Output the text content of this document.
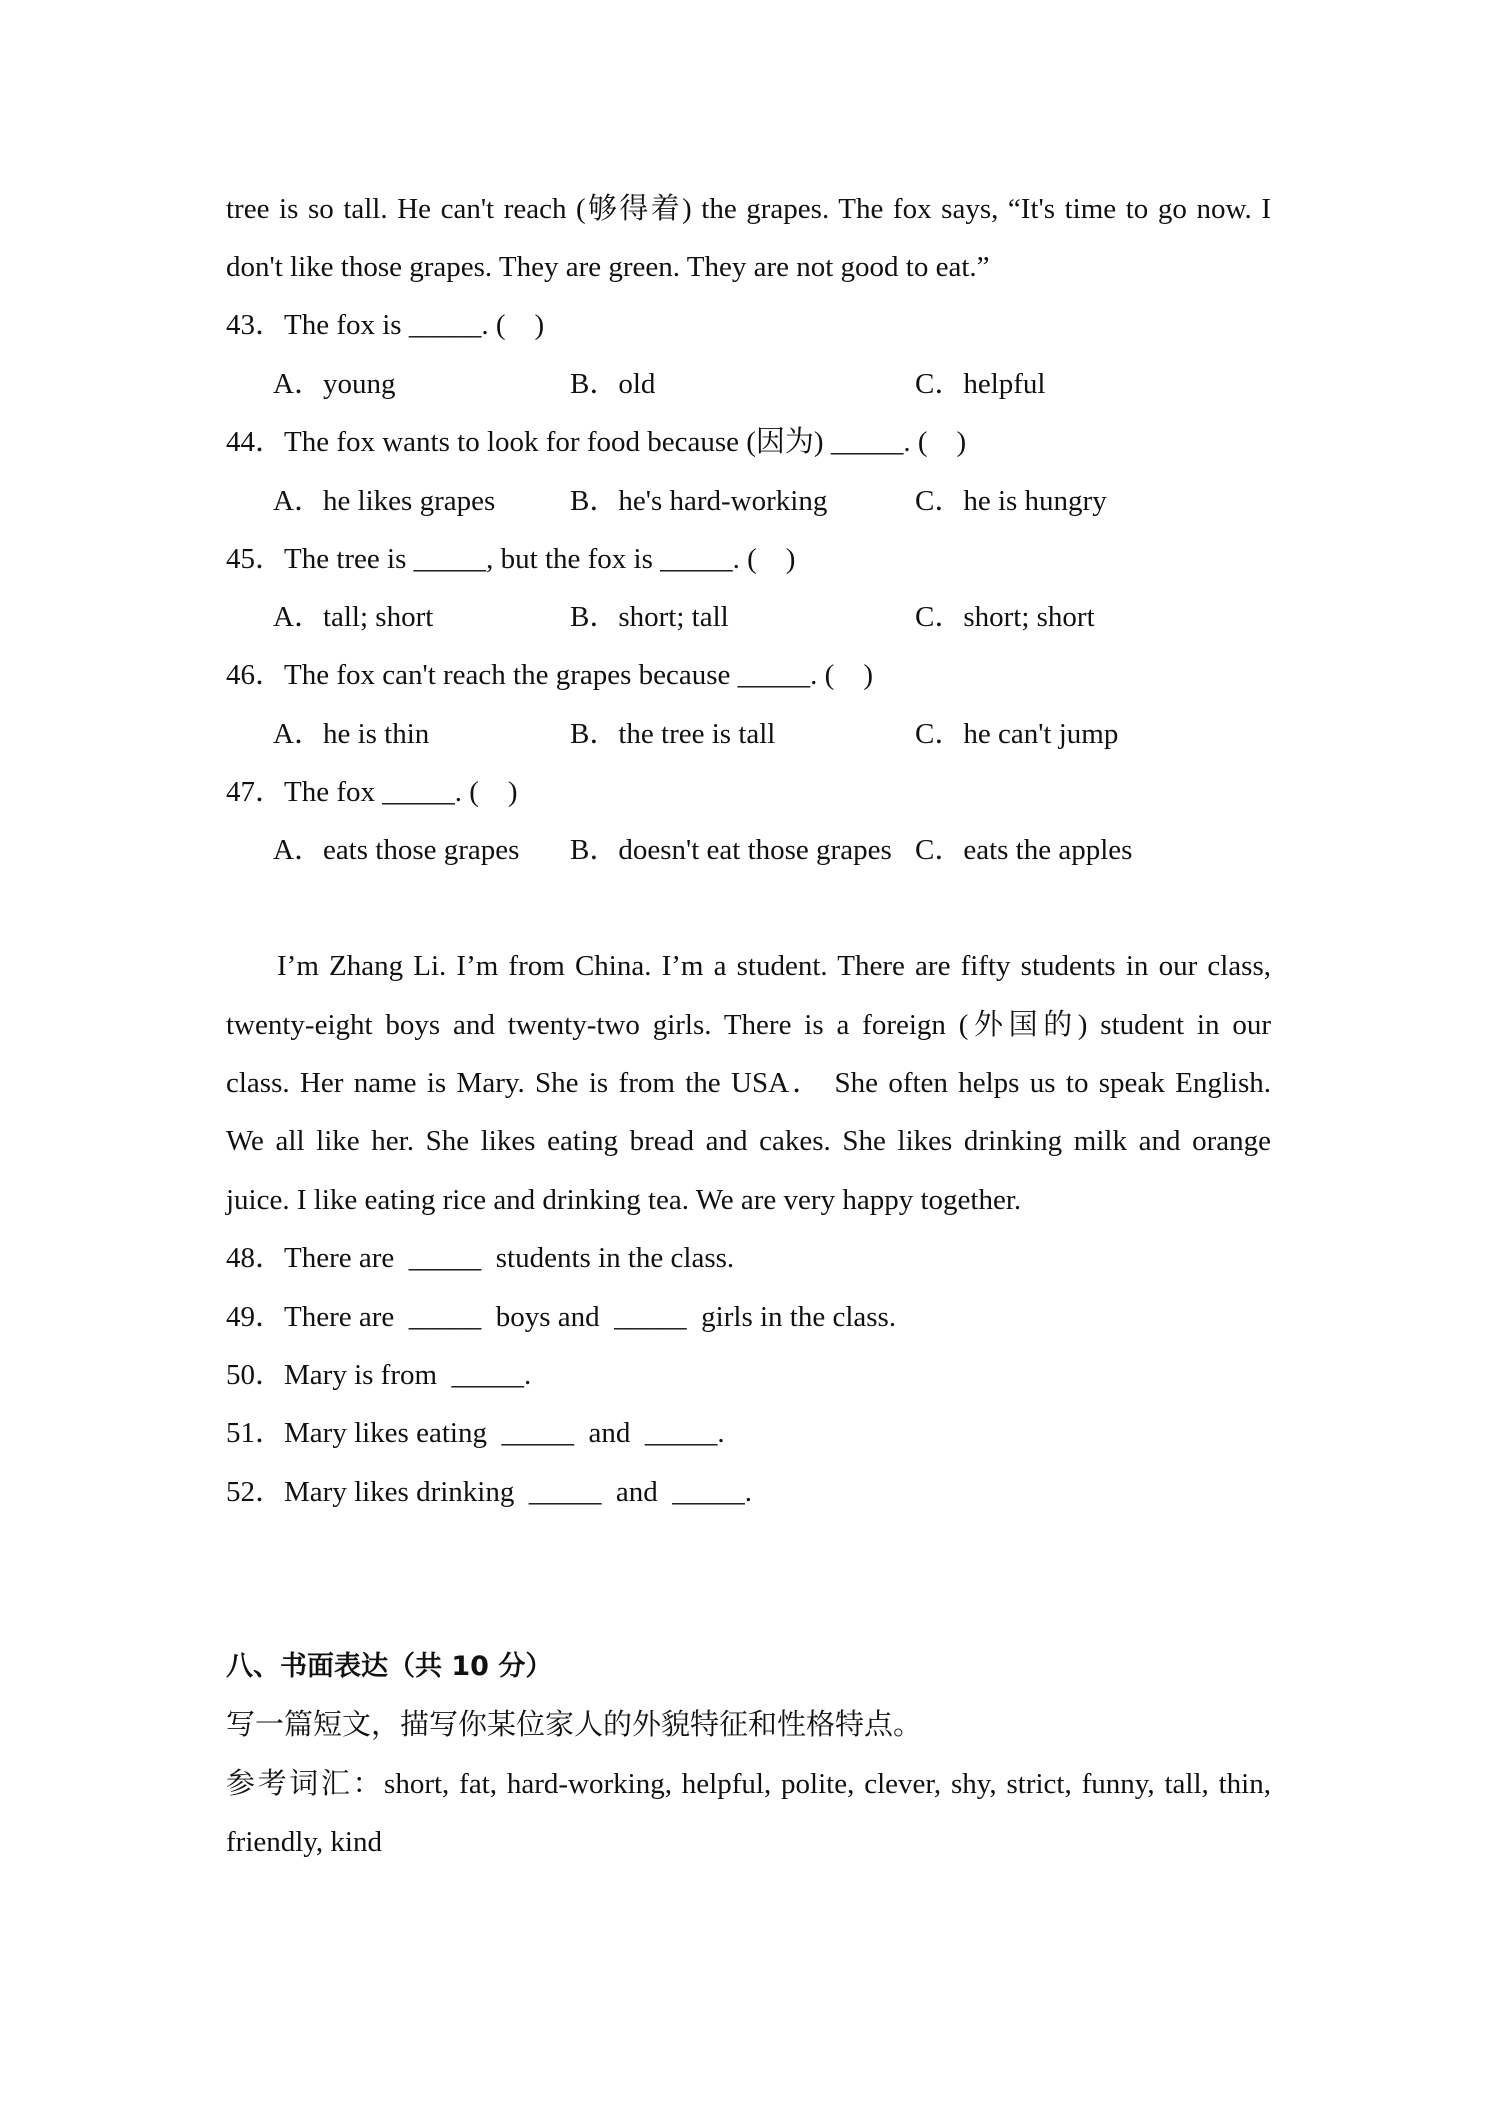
tree is so tall. He can't reach (够得着) the grapes. The fox says, “It's time to go now. I
don't like those grapes. They are green. They are not good to eat.”
43．The fox is _____. (    )
A．young	B．old	C．helpful
44．The fox wants to look for food because (因为) _____. (    )
A．he likes grapes	B．he's hard-working	C．he is hungry
45．The tree is _____, but the fox is _____. (    )
A．tall; short	B．short; tall	C．short; short
46．The fox can't reach the grapes because _____. (    )
A．he is thin	B．the tree is tall	C．he can't jump
47．The fox _____. (    )
A．eats those grapes B．doesn't eat those grapes C．eats the apples
I’m Zhang Li. I’m from China. I’m a student. There are fifty students in our class,
twenty-eight boys and twenty-two girls. There is a foreign (外国的) student in our
class. Her name is Mary. She is from the USA． She often helps us to speak English.
We all like her. She likes eating bread and cakes. She likes drinking milk and orange
juice. I like eating rice and drinking tea. We are very happy together.
48．There are  _____  students in the class.
49．There are  _____  boys and  _____  girls in the class.
50．Mary is from  _____.
51．Mary likes eating  _____  and  _____.
52．Mary likes drinking  _____  and  _____.
八、书面表达（共 10 分）
写一篇短文，描写你某位家人的外貌特征和性格特点。
参考词汇：short, fat, hard-working, helpful, polite, clever, shy, strict, funny, tall, thin,
friendly, kind
